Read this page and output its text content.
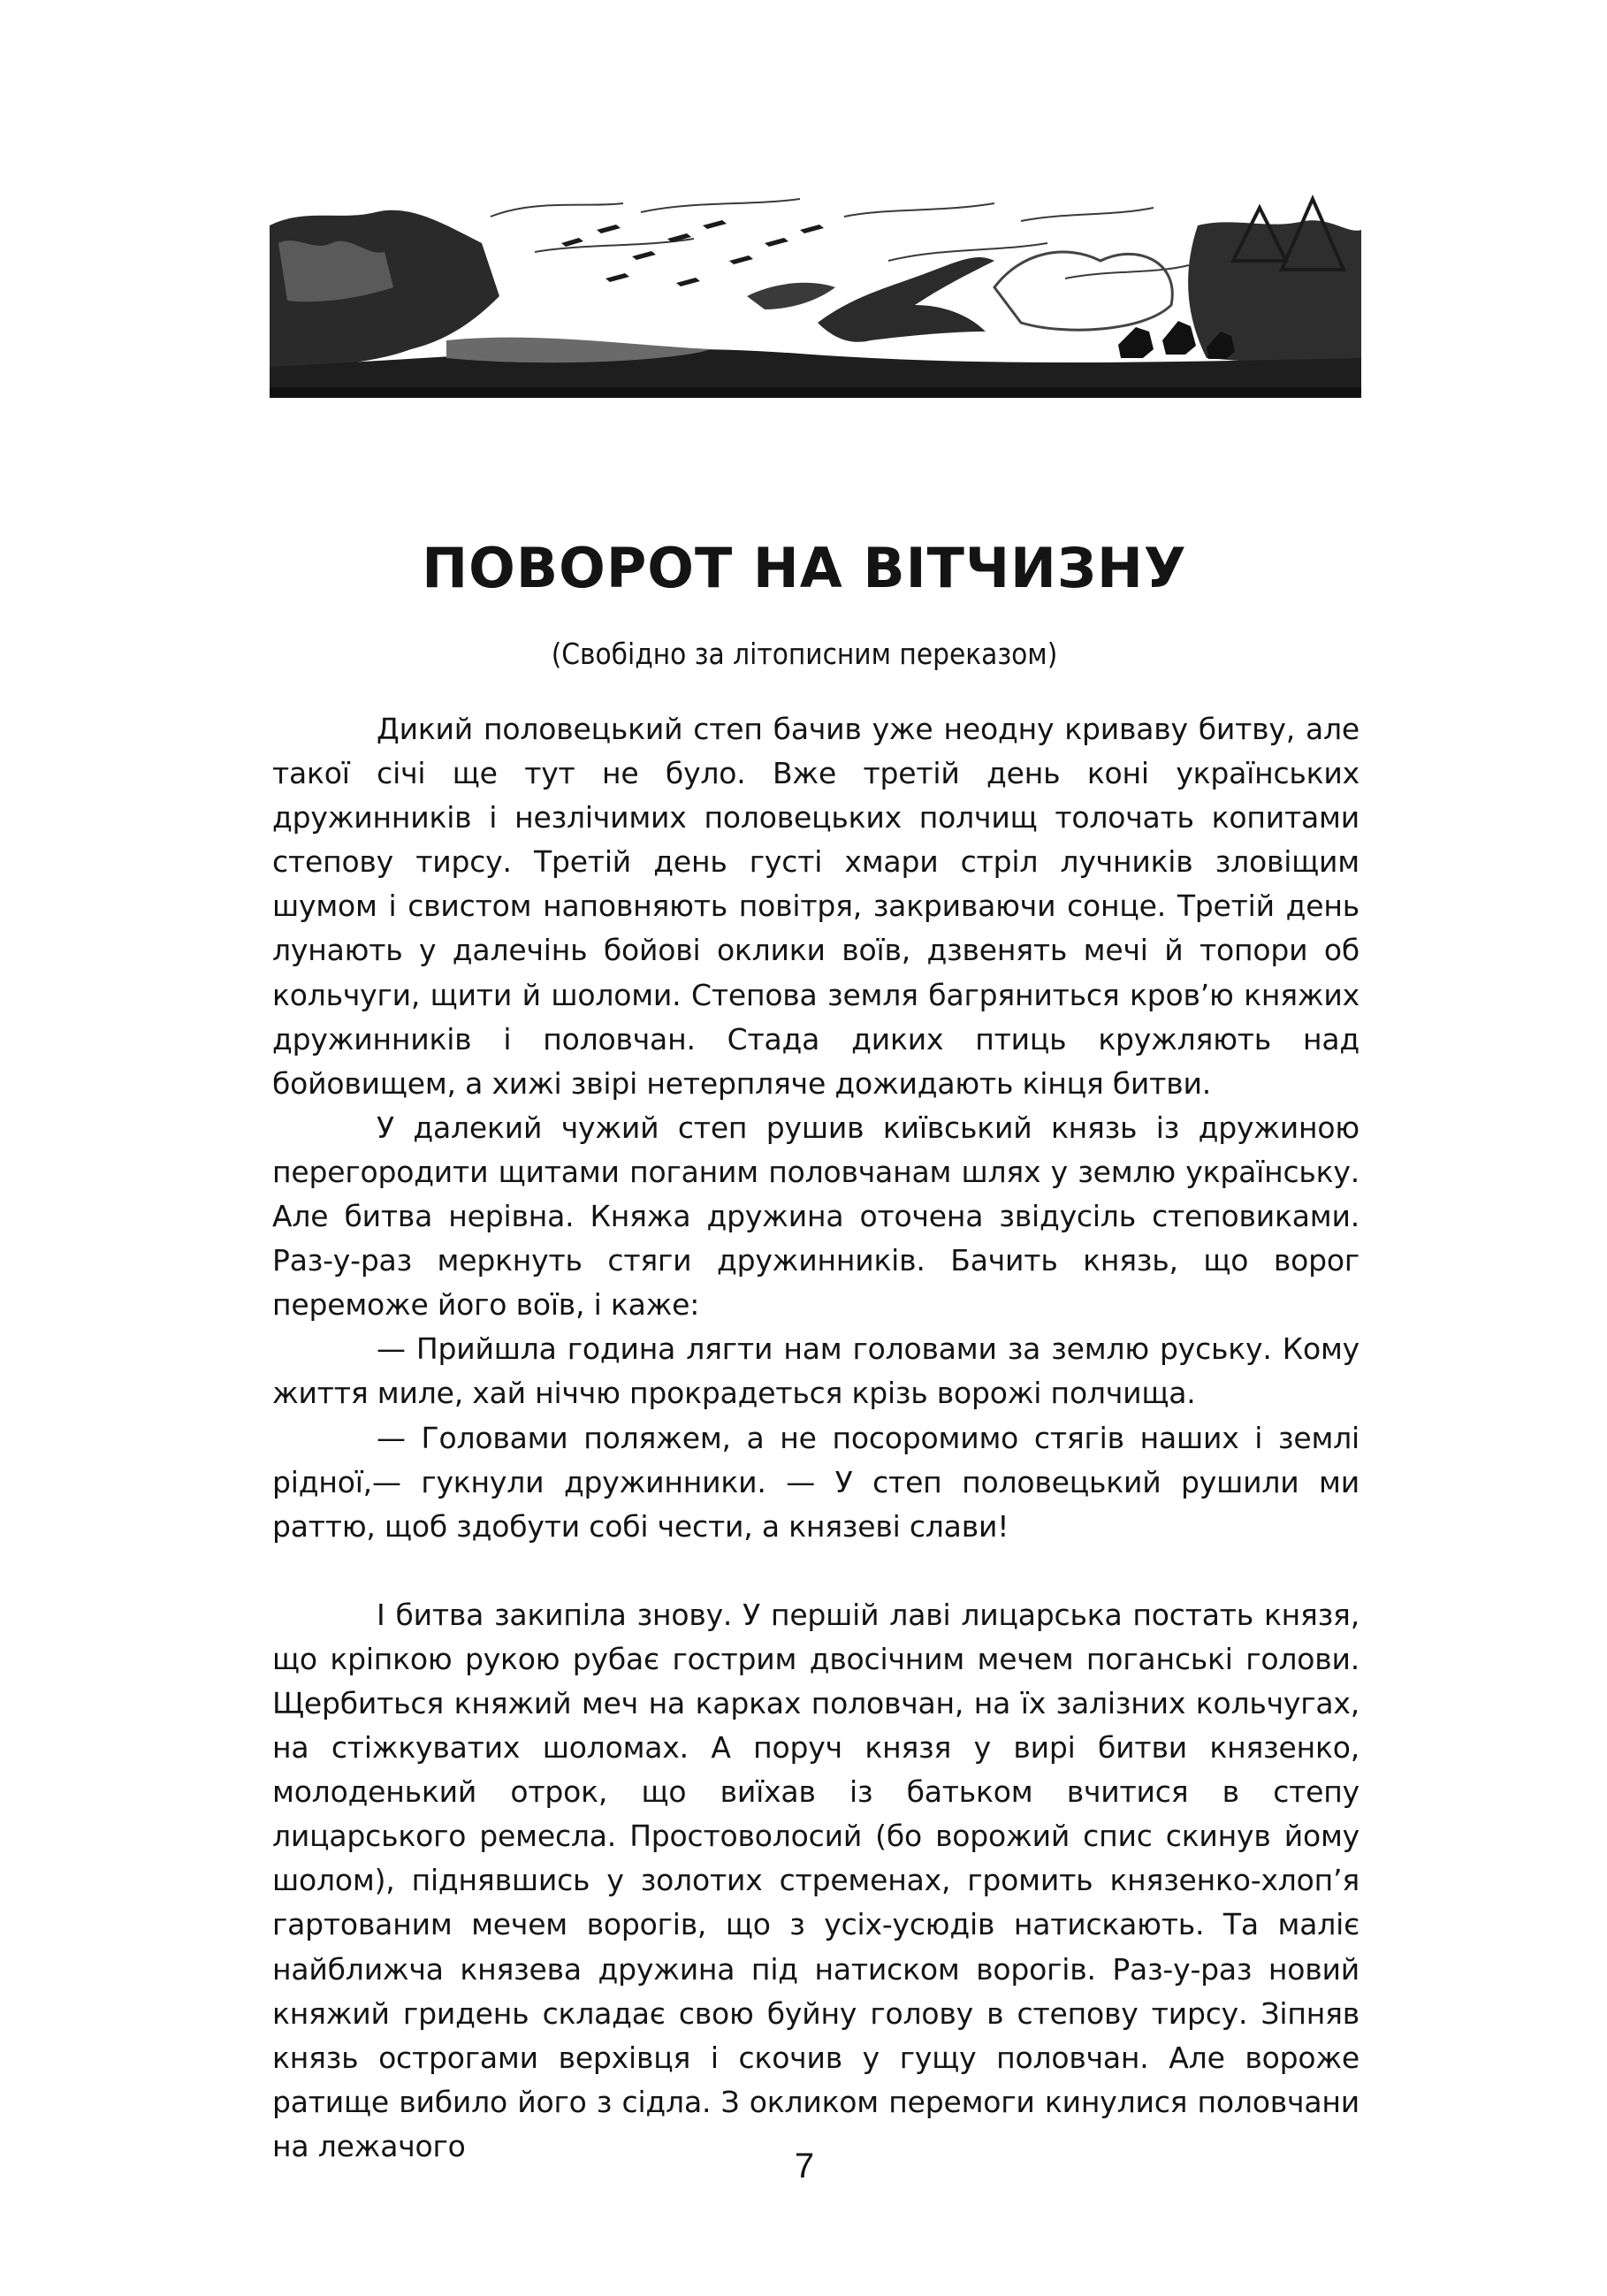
ПОВОРОТ НА ВІТЧИЗНУ
(Свобідно за літописним переказом)

Дикий половецький степ бачив уже неодну криваву битву, але такої січі ще тут не було. Вже третій день коні українських дружинників і незлічимих половецьких полчищ толочать копитами степову тирсу. Третій день густі хмари стріл лучників зловіщим шумом і свистом наповняють повітря, закриваючи сонце. Третій день лунають у далечінь бойові оклики воїв, дзвенять мечі й топори об кольчуги, щити й шоломи. Степова земля багряниться кров’ю княжих дружинників і половчан. Стада диких птиць кружляють над бойовищем, а хижі звірі нетерпляче дожидають кінця битви.

У далекий чужий степ рушив київський князь із дружиною перегородити щитами поганим половчанам шлях у землю українську. Але битва нерівна. Княжа дружина оточена звідусіль степовиками. Раз-у-раз меркнуть стяги дружинників. Бачить князь, що ворог переможе його воїв, і каже:

— Прийшла година лягти нам головами за землю руську. Кому життя миле, хай ніччю прокрадеться крізь ворожі полчища.

— Головами поляжем, а не посоромимо стягів наших і землі рідної,— гукнули дружинники. — У степ половецький рушили ми раттю, щоб здобути собі чести, а князеві слави!

І битва закипіла знову. У першій лаві лицарська постать князя, що кріпкою рукою рубає гострим двосічним мечем поганські голови. Щербиться княжий меч на карках половчан, на їх залізних кольчугах, на стіжкуватих шоломах. А поруч князя у вирі битви князенко, молоденький отрок, що виїхав із батьком вчитися в степу лицарського ремесла. Простоволосий (бо ворожий спис скинув йому шолом), піднявшись у золотих стременах, громить князенко-хлоп’я гартованим мечем ворогів, що з усіх-усюдів натискають. Та маліє найближча князева дружина під натиском ворогів. Раз-у-раз новий княжий гридень складає свою буйну голову в степову тирсу. Зіпняв князь острогами верхівця і скочив у гущу половчан. Але вороже ратище вибило його з сідла. З окликом перемоги кинулися половчани на лежачого

7
